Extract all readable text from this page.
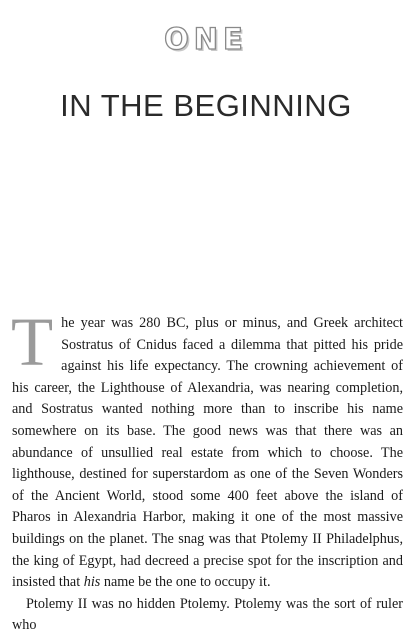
ONE
IN THE BEGINNING

The year was 280 BC, plus or minus, and Greek architect Sostratus of Cnidus faced a dilemma that pitted his pride against his life expectancy. The crowning achievement of his career, the Lighthouse of Alexandria, was nearing completion, and Sostratus wanted nothing more than to inscribe his name somewhere on its base. The good news was that there was an abundance of unsullied real estate from which to choose. The lighthouse, destined for superstardom as one of the Seven Wonders of the Ancient World, stood some 400 feet above the island of Pharos in Alexandria Harbor, making it one of the most massive buildings on the planet. The snag was that Ptolemy II Philadelphus, the king of Egypt, had decreed a precise spot for the inscription and insisted that his name be the one to occupy it.

Ptolemy II was no hidden Ptolemy. Ptolemy was the sort of ruler who
